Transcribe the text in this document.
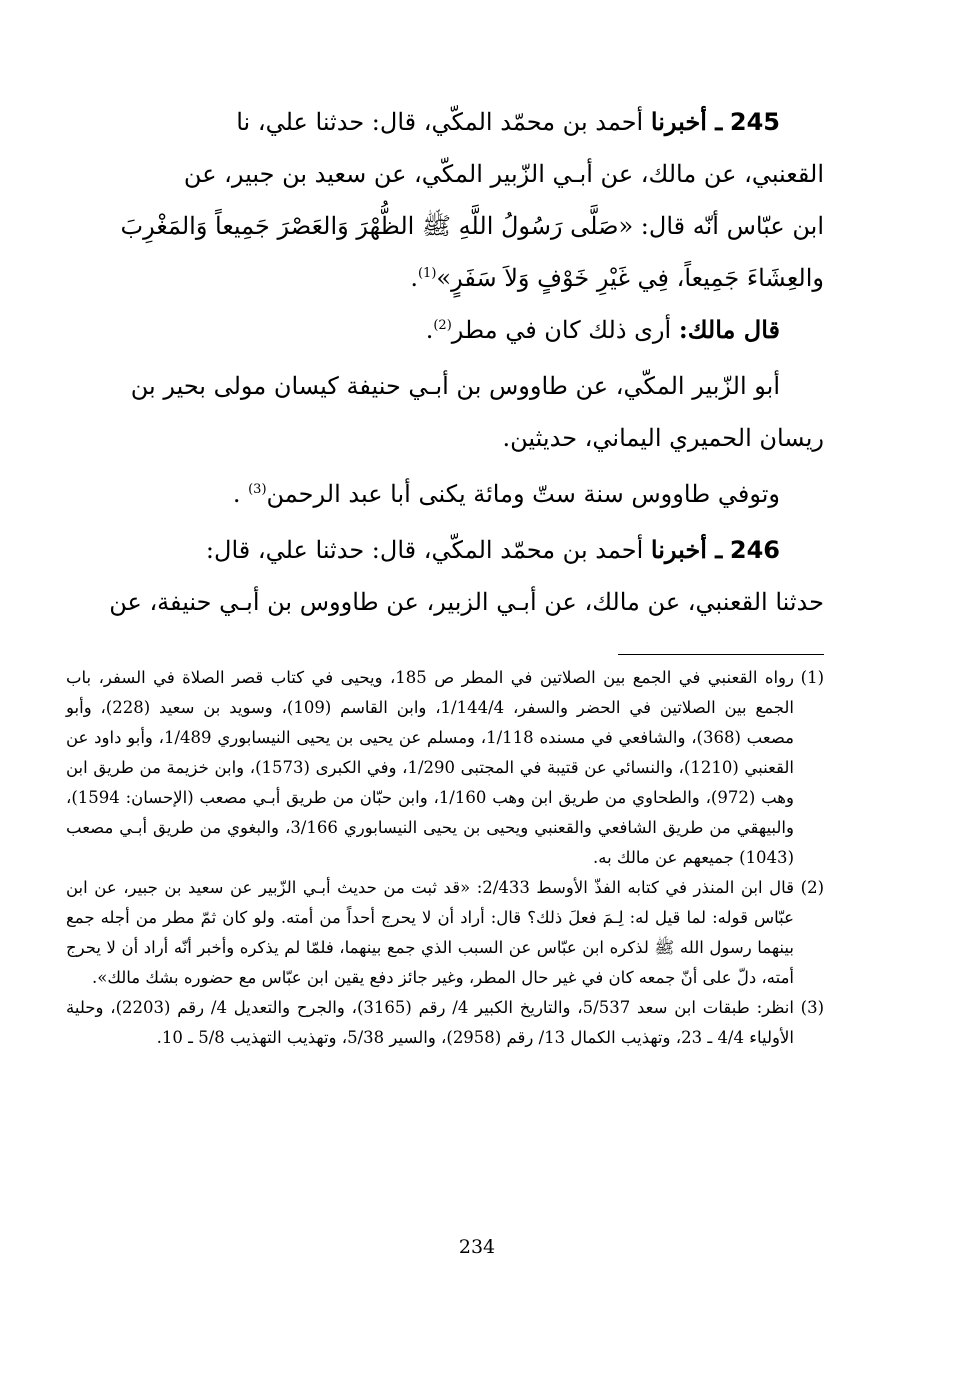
245 ـ أخبرنا أحمد بن محمّد المكّي، قال: حدثنا علي، نا

القعنبي، عن مالك، عن أبـي الزّبير المكّي، عن سعيد بن جبير، عن

ابن عبّاس أنّه قال: «صَلَّى رَسُولُ اللَّهِ ﷺ الظُّهْرَ وَالعَصْرَ جَمِيعاً وَالمَغْرِبَ

والعِشَاءَ جَمِيعاً، فِي غَيْرِ خَوْفٍ وَلاَ سَفَرٍ»$^{(1)}$.

قال مالك: أرى ذلك كان في مطر$^{(2)}$.

أبو الزّبير المكّي، عن طاووس بن أبـي حنيفة كيسان مولى بحير بن

ريسان الحميري اليماني، حديثين.

وتوفي طاووس سنة ستّ ومائة يكنى أبا عبد الرحمن$^{(3)}$ .

246 ـ أخبرنا أحمد بن محمّد المكّي، قال: حدثنا علي، قال:

حدثنا القعنبي، عن مالك، عن أبـي الزبير، عن طاووس بن أبـي حنيفة، عن

(1)
رواه القعنبي في الجمع بين الصلاتين في المطر ص 185، ويحيى في كتاب قصر الصلاة في السفر، باب الجمع بين الصلاتين في الحضر والسفر، 1/144/4، وابن القاسم (109)، وسويد بن سعيد (228)، وأبو مصعب (368)، والشافعي في مسنده 1/118، ومسلم عن يحيى بن يحيى النيسابوري 1/489، وأبو داود عن القعنبي (1210)، والنسائي عن قتيبة في المجتبى 1/290، وفي الكبرى (1573)، وابن خزيمة من طريق ابن وهب (972)، والطحاوي من طريق ابن وهب 1/160، وابن حبّان من طريق أبـي مصعب (الإحسان: 1594)، والبيهقي من طريق الشافعي والقعنبي ويحيى بن يحيى النيسابوري 3/166، والبغوي من طريق أبـي مصعب (1043) جميعهم عن مالك به.
(2)
قال ابن المنذر في كتابه الفذّ الأوسط 2/433: «قد ثبت من حديث أبـي الزّبير عن سعيد بن جبير، عن ابن عبّاس قوله: لما قيل له: لِـمَ فعلَ ذلك؟ قال: أراد أن لا يحرج أحداً من أمته. ولو كان ثمّ مطر من أجله جمع بينهما رسول الله ﷺ لذكره ابن عبّاس عن السبب الذي جمع بينهما، فلمّا لم يذكره وأخبر أنّه أراد أن لا يحرج أمته، دلّ على أنّ جمعه كان في غير حال المطر، وغير جائز دفع يقين ابن عبّاس مع حضوره بشك مالك».
(3)
انظر: طبقات ابن سعد 5/537، والتاريخ الكبير 4/ رقم (3165)، والجرح والتعديل 4/ رقم (2203)، وحلية الأولياء 4/4 ـ 23، وتهذيب الكمال 13/ رقم (2958)، والسير 5/38، وتهذيب التهذيب 5/8 ـ 10.
234
